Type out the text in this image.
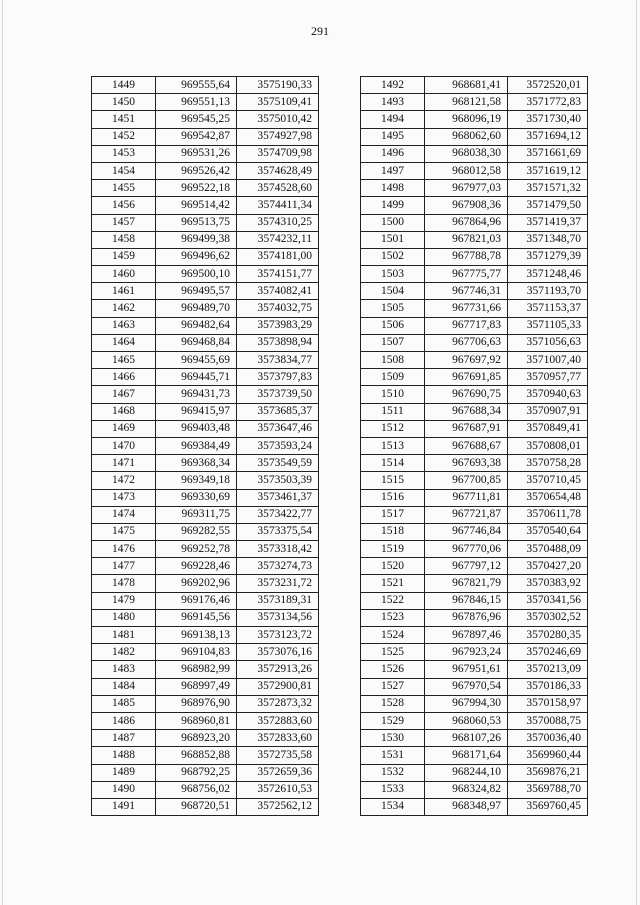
291
1449	969555,64	3575190,33
1450	969551,13	3575109,41
1451	969545,25	3575010,42
1452	969542,87	3574927,98
1453	969531,26	3574709,98
1454	969526,42	3574628,49
1455	969522,18	3574528,60
1456	969514,42	3574411,34
1457	969513,75	3574310,25
1458	969499,38	3574232,11
1459	969496,62	3574181,00
1460	969500,10	3574151,77
1461	969495,57	3574082,41
1462	969489,70	3574032,75
1463	969482,64	3573983,29
1464	969468,84	3573898,94
1465	969455,69	3573834,77
1466	969445,71	3573797,83
1467	969431,73	3573739,50
1468	969415,97	3573685,37
1469	969403,48	3573647,46
1470	969384,49	3573593,24
1471	969368,34	3573549,59
1472	969349,18	3573503,39
1473	969330,69	3573461,37
1474	969311,75	3573422,77
1475	969282,55	3573375,54
1476	969252,78	3573318,42
1477	969228,46	3573274,73
1478	969202,96	3573231,72
1479	969176,46	3573189,31
1480	969145,56	3573134,56
1481	969138,13	3573123,72
1482	969104,83	3573076,16
1483	968982,99	3572913,26
1484	968997,49	3572900,81
1485	968976,90	3572873,32
1486	968960,81	3572883,60
1487	968923,20	3572833,60
1488	968852,88	3572735,58
1489	968792,25	3572659,36
1490	968756,02	3572610,53
1491	968720,51	3572562,12
1492	968681,41	3572520,01
1493	968121,58	3571772,83
1494	968096,19	3571730,40
1495	968062,60	3571694,12
1496	968038,30	3571661,69
1497	968012,58	3571619,12
1498	967977,03	3571571,32
1499	967908,36	3571479,50
1500	967864,96	3571419,37
1501	967821,03	3571348,70
1502	967788,78	3571279,39
1503	967775,77	3571248,46
1504	967746,31	3571193,70
1505	967731,66	3571153,37
1506	967717,83	3571105,33
1507	967706,63	3571056,63
1508	967697,92	3571007,40
1509	967691,85	3570957,77
1510	967690,75	3570940,63
1511	967688,34	3570907,91
1512	967687,91	3570849,41
1513	967688,67	3570808,01
1514	967693,38	3570758,28
1515	967700,85	3570710,45
1516	967711,81	3570654,48
1517	967721,87	3570611,78
1518	967746,84	3570540,64
1519	967770,06	3570488,09
1520	967797,12	3570427,20
1521	967821,79	3570383,92
1522	967846,15	3570341,56
1523	967876,96	3570302,52
1524	967897,46	3570280,35
1525	967923,24	3570246,69
1526	967951,61	3570213,09
1527	967970,54	3570186,33
1528	967994,30	3570158,97
1529	968060,53	3570088,75
1530	968107,26	3570036,40
1531	968171,64	3569960,44
1532	968244,10	3569876,21
1533	968324,82	3569788,70
1534	968348,97	3569760,45
